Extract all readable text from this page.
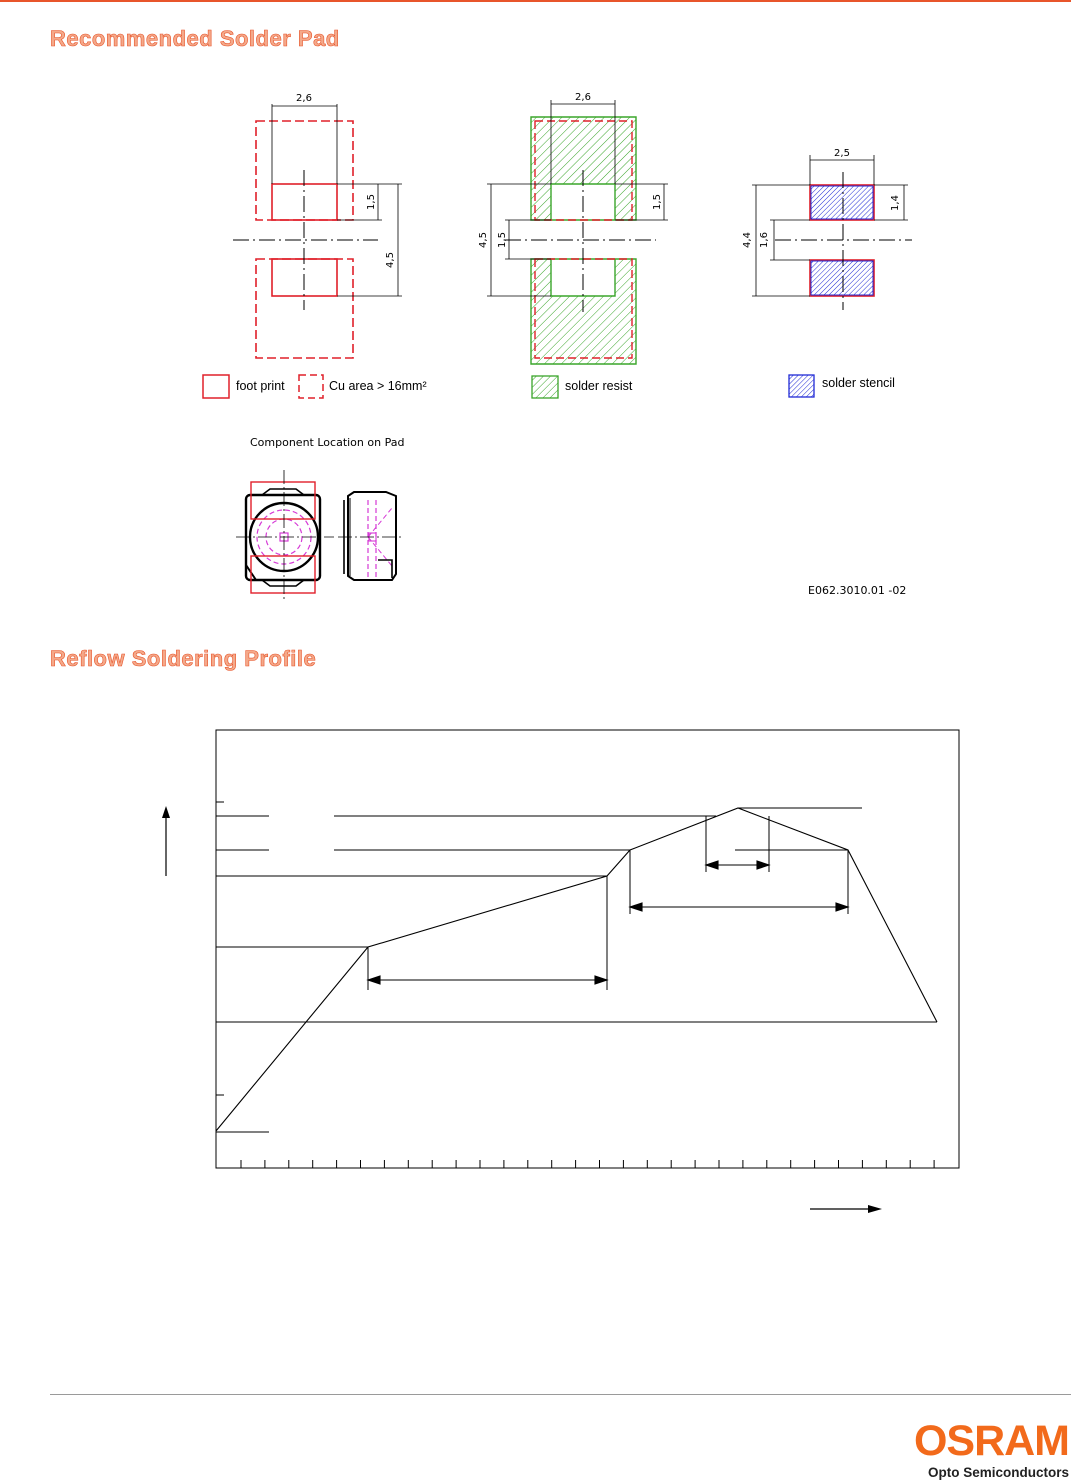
Recommended Solder Pad
2,6
1,5
4,5
2,6
1,5
1,5
4,5
2,5
1,4
1,6
4,4
foot print	Cu area > 16mm²	solder resist	solder stencil
Component Location on Pad
E062.3010.01 -02
Reflow Soldering Profile

OSRAM

Opto Semiconductors
